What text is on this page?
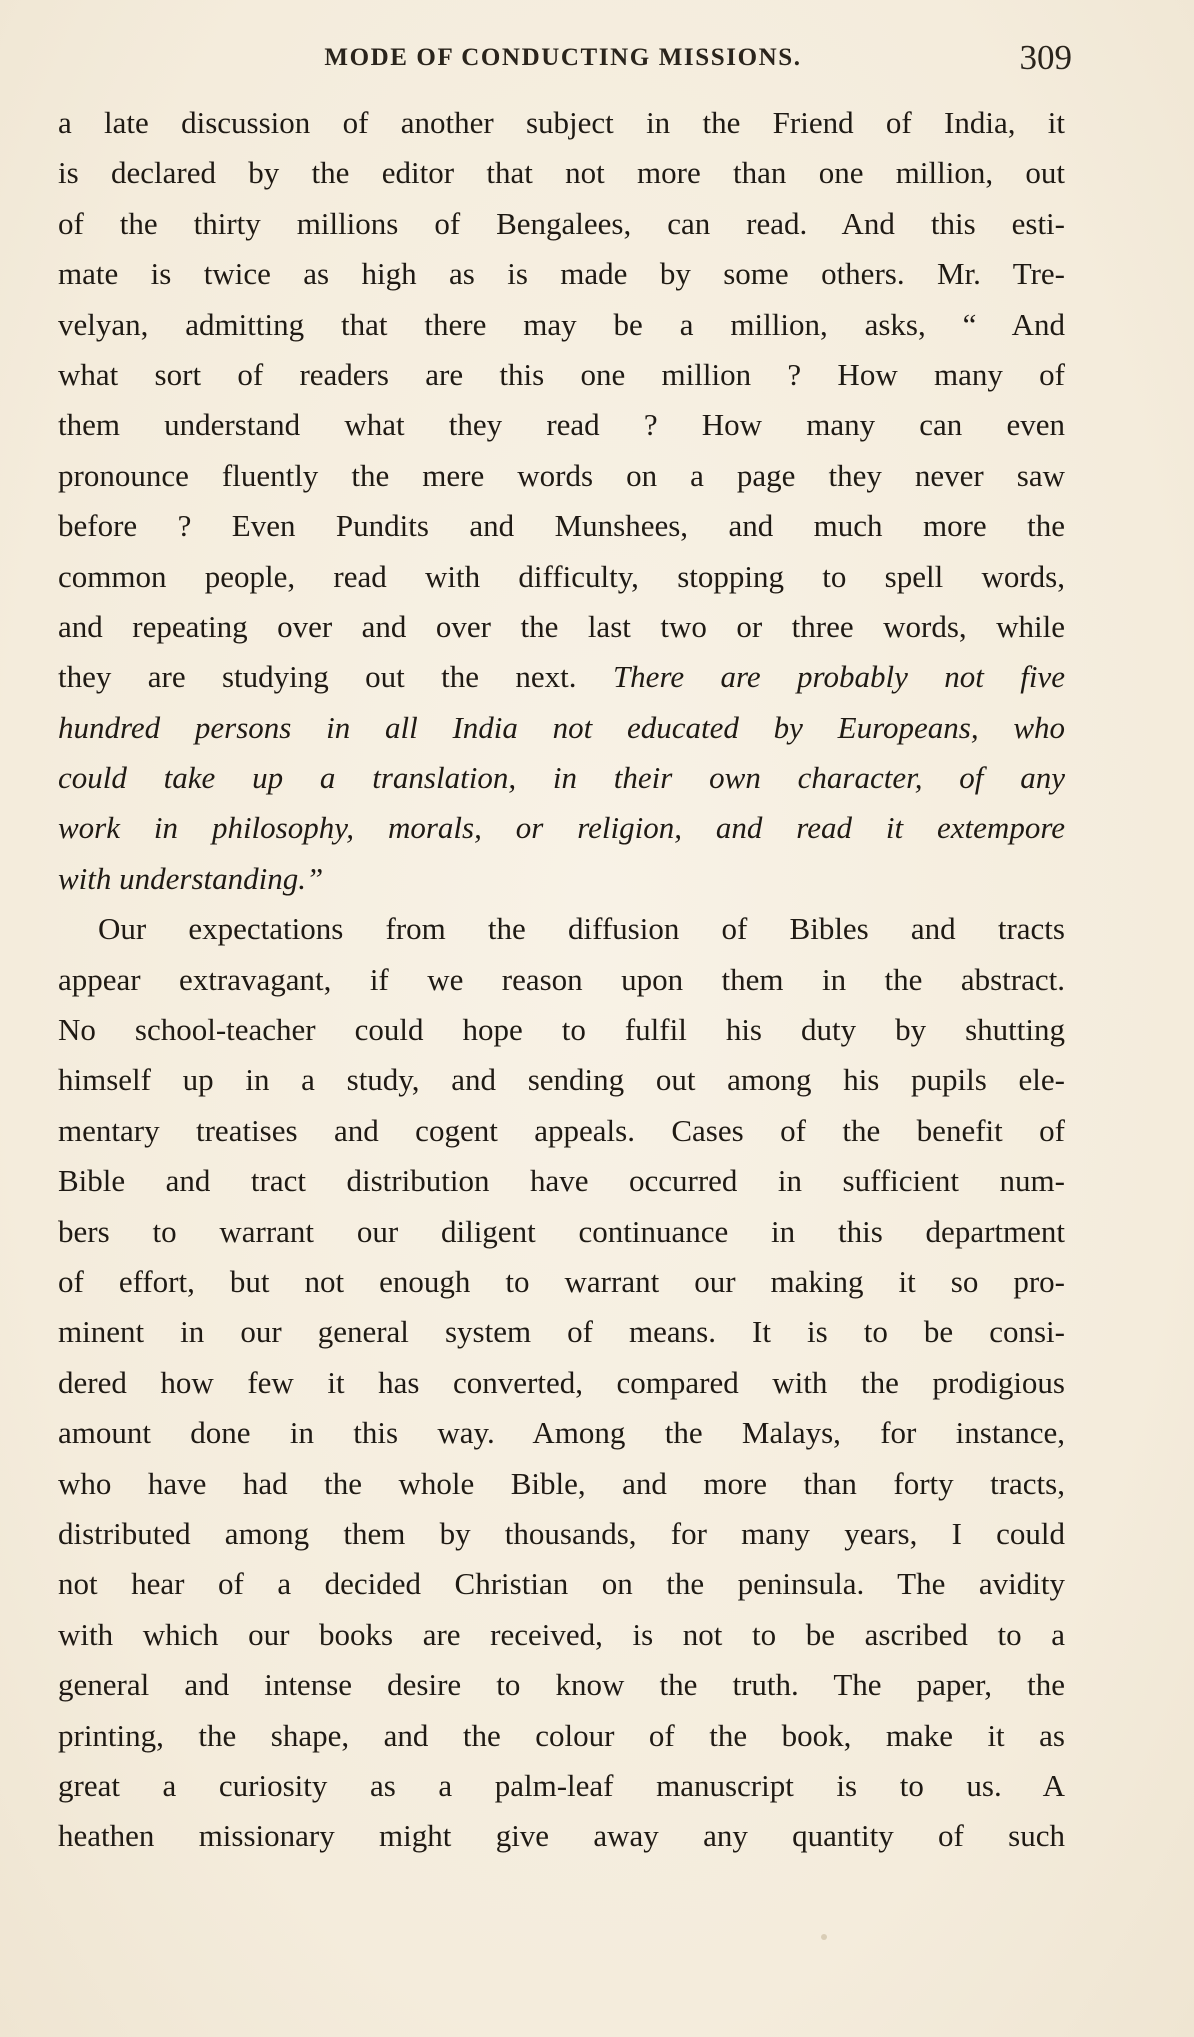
MODE OF CONDUCTING MISSIONS.	309
a late discussion of another subject in the Friend of India, it
is declared by the editor that not more than one million, out
of the thirty millions of Bengalees, can read. And this esti-
mate is twice as high as is made by some others. Mr. Tre-
velyan, admitting that there may be a million, asks, “ And
what sort of readers are this one million ? How many of
them understand what they read ? How many can even
pronounce fluently the mere words on a page they never saw
before ? Even Pundits and Munshees, and much more the
common people, read with difficulty, stopping to spell words,
and repeating over and over the last two or three words, while
they are studying out the next. There are probably not five
hundred persons in all India not educated by Europeans, who
could take up a translation, in their own character, of any
work in philosophy, morals, or religion, and read it extempore
with understanding.”
Our expectations from the diffusion of Bibles and tracts
appear extravagant, if we reason upon them in the abstract.
No school-teacher could hope to fulfil his duty by shutting
himself up in a study, and sending out among his pupils ele-
mentary treatises and cogent appeals. Cases of the benefit of
Bible and tract distribution have occurred in sufficient num-
bers to warrant our diligent continuance in this department
of effort, but not enough to warrant our making it so pro-
minent in our general system of means. It is to be consi-
dered how few it has converted, compared with the prodigious
amount done in this way. Among the Malays, for instance,
who have had the whole Bible, and more than forty tracts,
distributed among them by thousands, for many years, I could
not hear of a decided Christian on the peninsula. The avidity
with which our books are received, is not to be ascribed to a
general and intense desire to know the truth. The paper, the
printing, the shape, and the colour of the book, make it as
great a curiosity as a palm-leaf manuscript is to us. A
heathen missionary might give away any quantity of such
